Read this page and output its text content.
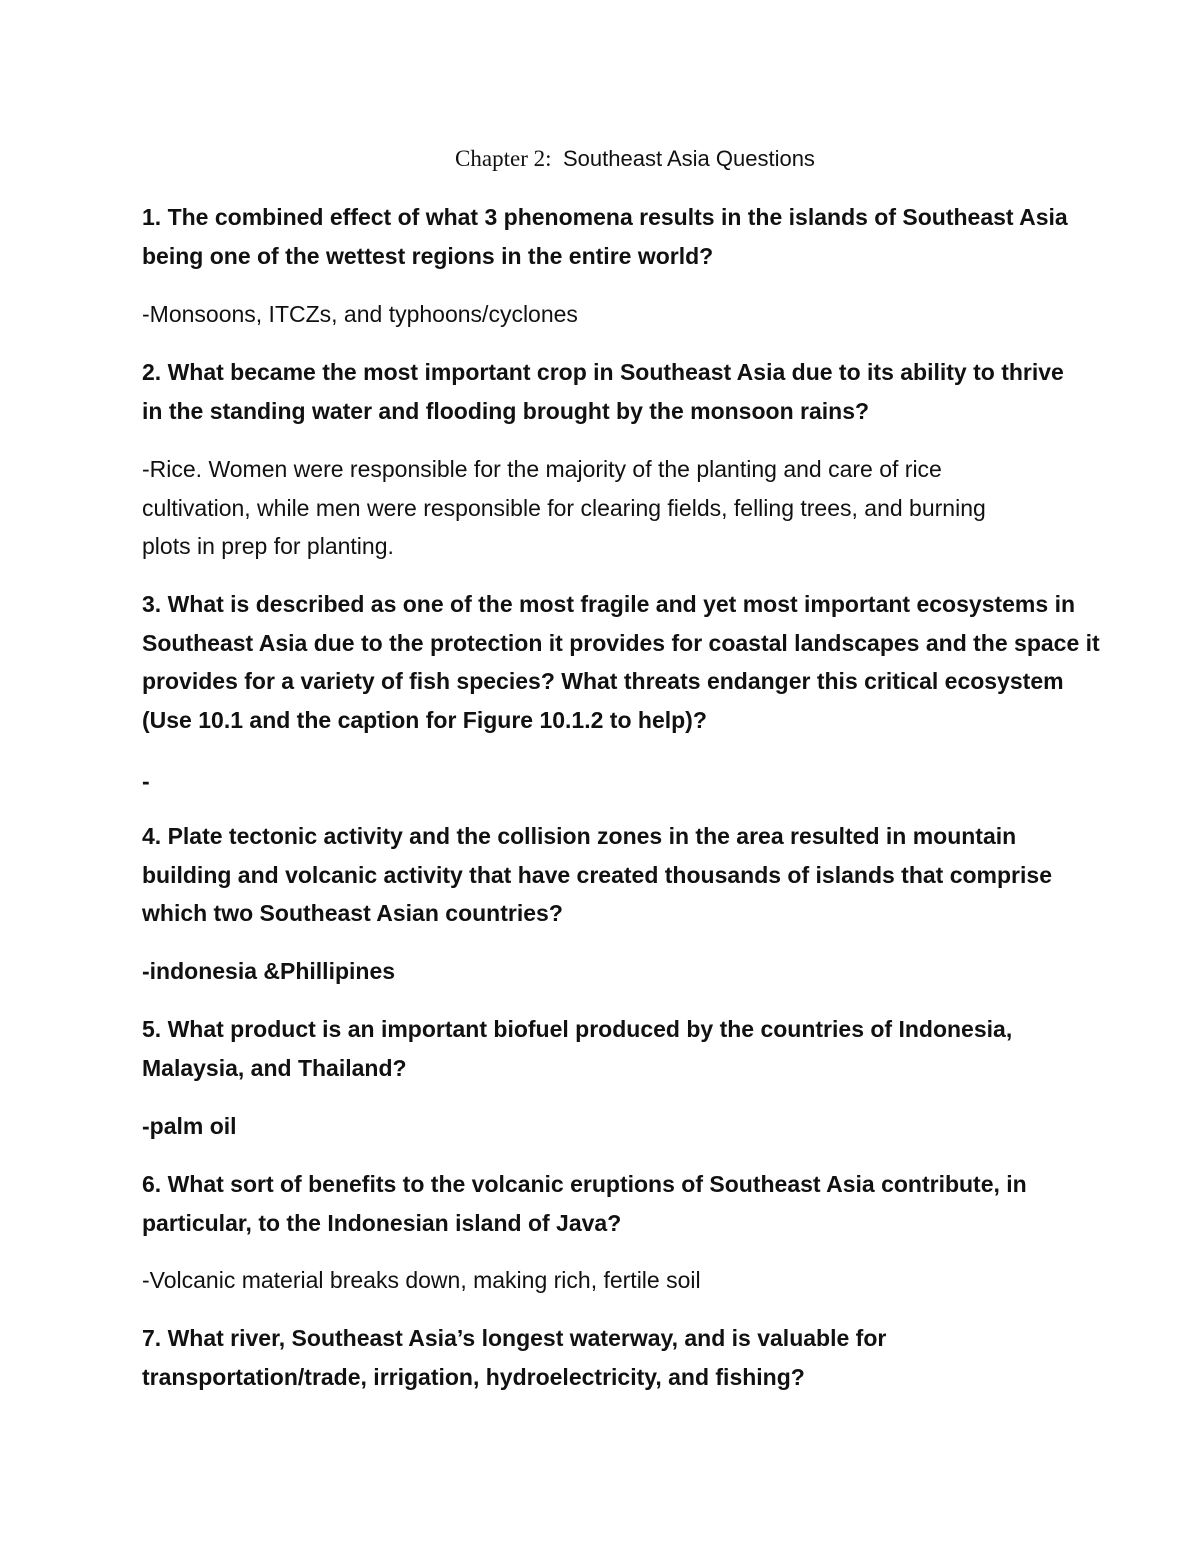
Chapter 2: Southeast Asia Questions
1. The combined effect of what 3 phenomena results in the islands of Southeast Asia
being one of the wettest regions in the entire world?
-Monsoons, ITCZs, and typhoons/cyclones
2. What became the most important crop in Southeast Asia due to its ability to thrive
in the standing water and flooding brought by the monsoon rains?
-Rice. Women were responsible for the majority of the planting and care of rice
cultivation, while men were responsible for clearing fields, felling trees, and burning
plots in prep for planting.
3. What is described as one of the most fragile and yet most important ecosystems in
Southeast Asia due to the protection it provides for coastal landscapes and the space it
provides for a variety of fish species? What threats endanger this critical ecosystem
(Use 10.1 and the caption for Figure 10.1.2 to help)?
-
4. Plate tectonic activity and the collision zones in the area resulted in mountain
building and volcanic activity that have created thousands of islands that comprise
which two Southeast Asian countries?
-indonesia &Phillipines
5. What product is an important biofuel produced by the countries of Indonesia,
Malaysia, and Thailand?
-palm oil
6. What sort of benefits to the volcanic eruptions of Southeast Asia contribute, in
particular, to the Indonesian island of Java?
-Volcanic material breaks down, making rich, fertile soil
7. What river, Southeast Asia’s longest waterway, and is valuable for
transportation/trade, irrigation, hydroelectricity, and fishing?
